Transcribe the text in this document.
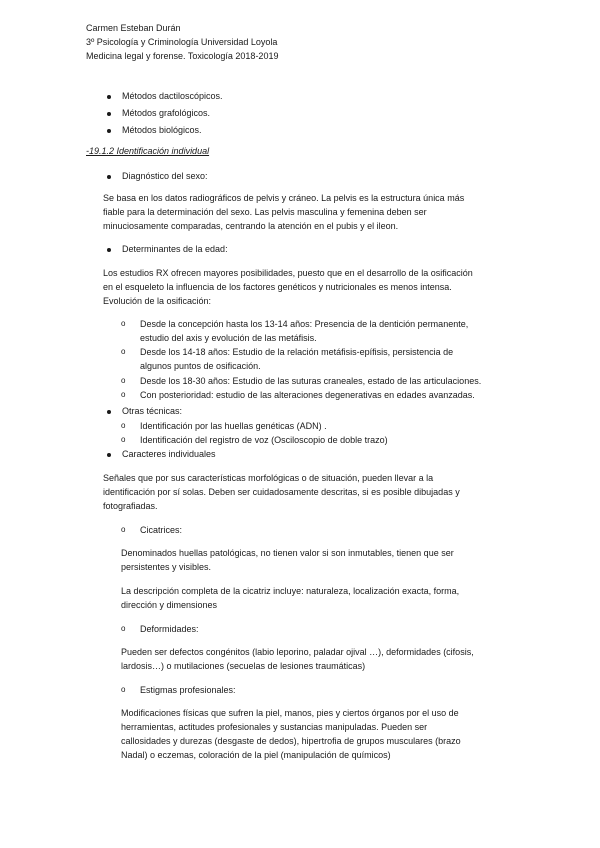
Carmen Esteban Durán
3º Psicología y Criminología Universidad Loyola
Medicina legal y forense. Toxicología 2018-2019
Métodos dactiloscópicos.
Métodos grafológicos.
Métodos biológicos.
-19.1.2 Identificación individual
Diagnóstico del sexo:
Se basa en los datos radiográficos de pelvis y cráneo. La pelvis es la estructura única más
fiable para la determinación del sexo. Las pelvis masculina y femenina deben ser
minuciosamente comparadas, centrando la atención en el pubis y el ileon.
Determinantes de la edad:
Los estudios RX ofrecen mayores posibilidades, puesto que en el desarrollo de la osificación
en el esqueleto la influencia de los factores genéticos y nutricionales es menos intensa.
Evolución de la osificación:
o Desde la concepción hasta los 13-14 años: Presencia de la dentición permanente,
estudio del axis y evolución de las metáfisis.
o Desde los 14-18 años: Estudio de la relación metáfisis-epífisis, persistencia de
algunos puntos de osificación.
o Desde los 18-30 años: Estudio de las suturas craneales, estado de las articulaciones.
o Con posterioridad: estudio de las alteraciones degenerativas en edades avanzadas.
Otras técnicas:
o Identificación por las huellas genéticas (ADN) .
o Identificación del registro de voz (Osciloscopio de doble trazo)
Caracteres individuales
Señales que por sus características morfológicas o de situación, pueden llevar a la
identificación por sí solas. Deben ser cuidadosamente descritas, si es posible dibujadas y
fotografiadas.
o Cicatrices:
Denominados huellas patológicas, no tienen valor si son inmutables, tienen que ser
persistentes y visibles.
La descripción completa de la cicatriz incluye: naturaleza, localización exacta, forma,
dirección y dimensiones
o Deformidades:
Pueden ser defectos congénitos (labio leporino, paladar ojival …), deformidades (cifosis,
lardosis…) o mutilaciones (secuelas de lesiones traumáticas)
o Estigmas profesionales:
Modificaciones físicas que sufren la piel, manos, pies y ciertos órganos por el uso de
herramientas, actitudes profesionales y sustancias manipuladas. Pueden ser
callosidades y durezas (desgaste de dedos), hipertrofia de grupos musculares (brazo
Nadal) o eczemas, coloración de la piel (manipulación de químicos)
